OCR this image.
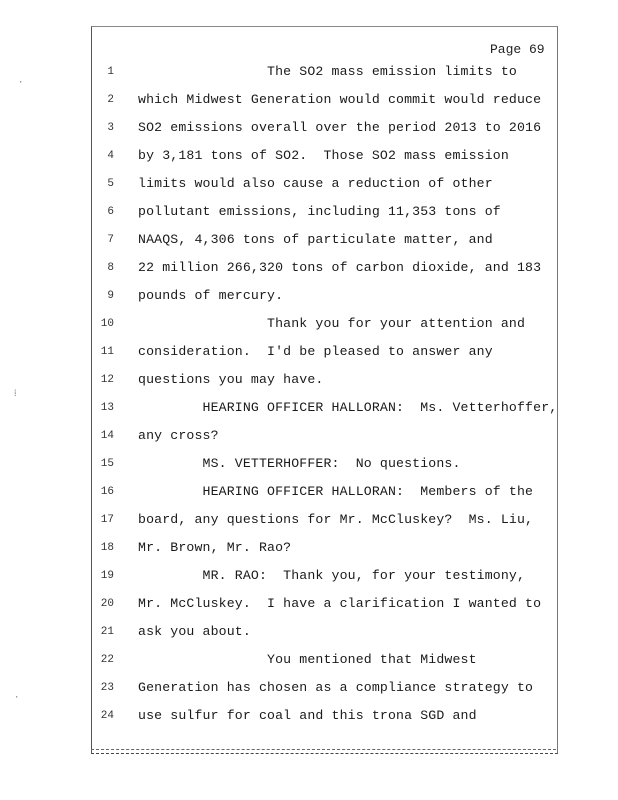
·
⁞
·
Page 69
1 The SO2 mass emission limits to
2 which Midwest Generation would commit would reduce
3 SO2 emissions overall over the period 2013 to 2016
4 by 3,181 tons of SO2.  Those SO2 mass emission
5 limits would also cause a reduction of other
6 pollutant emissions, including 11,353 tons of
7 NAAQS, 4,306 tons of particulate matter, and
8 22 million 266,320 tons of carbon dioxide, and 183
9 pounds of mercury.
10 Thank you for your attention and
11 consideration.  I'd be pleased to answer any
12 questions you may have.
13 HEARING OFFICER HALLORAN:  Ms. Vetterhoffer,
14 any cross?
15 MS. VETTERHOFFER:  No questions.
16 HEARING OFFICER HALLORAN:  Members of the
17 board, any questions for Mr. McCluskey?  Ms. Liu,
18 Mr. Brown, Mr. Rao?
19 MR. RAO:  Thank you, for your testimony,
20 Mr. McCluskey.  I have a clarification I wanted to
21 ask you about.
22 You mentioned that Midwest
23 Generation has chosen as a compliance strategy to
24 use sulfur for coal and this trona SGD and
